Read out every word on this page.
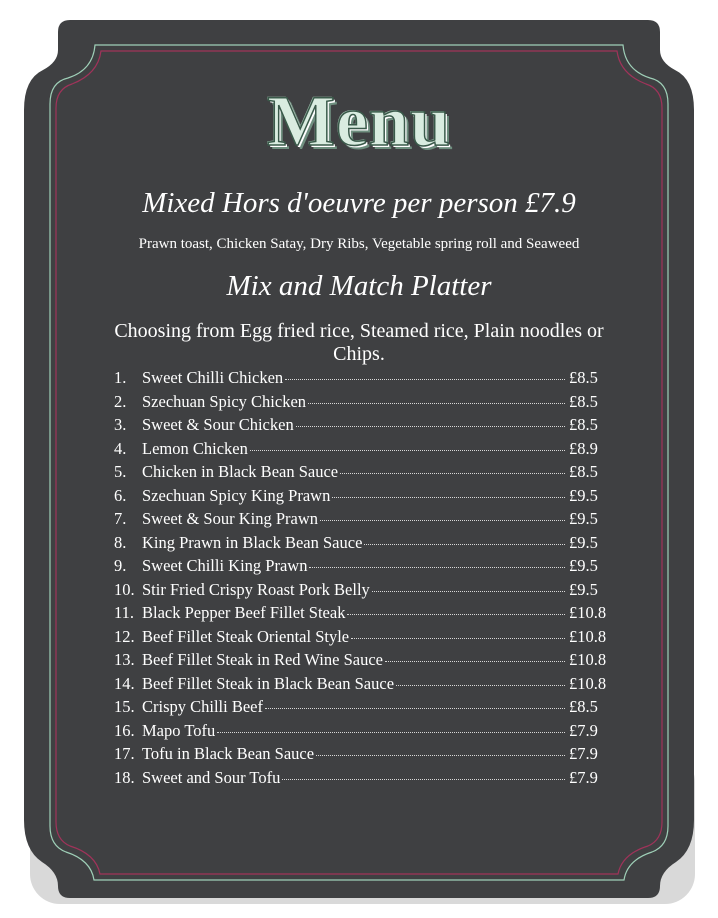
Menu
Mixed Hors d'oeuvre per person £7.9
Prawn toast, Chicken Satay, Dry Ribs, Vegetable spring roll and Seaweed
Mix and Match Platter
Choosing from Egg fried rice, Steamed rice, Plain noodles or Chips.
1. Sweet Chilli Chicken	£8.5
2. Szechuan Spicy Chicken	£8.5
3. Sweet & Sour Chicken	£8.5
4. Lemon Chicken	£8.9
5. Chicken in Black Bean Sauce	£8.5
6. Szechuan Spicy King Prawn	£9.5
7. Sweet & Sour King Prawn	£9.5
8. King Prawn in Black Bean Sauce	£9.5
9. Sweet Chilli King Prawn	£9.5
10. Stir Fried Crispy Roast Pork Belly	£9.5
11. Black Pepper Beef Fillet Steak	£10.8
12. Beef Fillet Steak Oriental Style	£10.8
13. Beef Fillet Steak in Red Wine Sauce	£10.8
14. Beef Fillet Steak in Black Bean Sauce	£10.8
15. Crispy Chilli Beef	£8.5
16. Mapo Tofu	£7.9
17. Tofu in Black Bean Sauce	£7.9
18. Sweet and Sour Tofu	£7.9
